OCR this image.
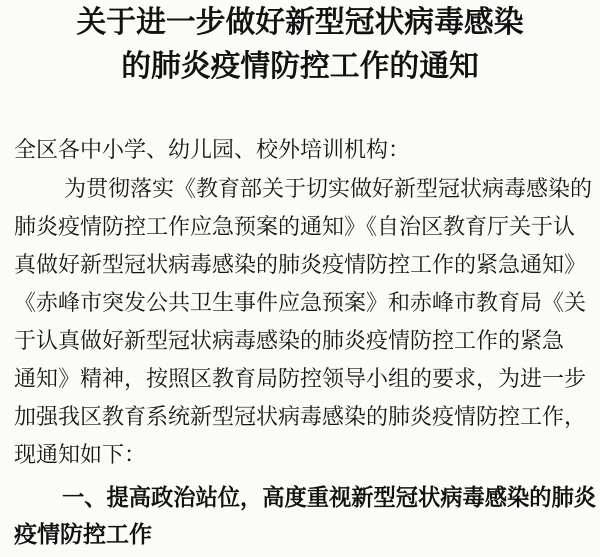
关于进一步做好新型冠状病毒感染
的肺炎疫情防控工作的通知
全区各中小学、幼儿园、校外培训机构：
为贯彻落实《教育部关于切实做好新型冠状病毒感染的
肺炎疫情防控工作应急预案的通知》《自治区教育厅关于认
真做好新型冠状病毒感染的肺炎疫情防控工作的紧急通知》
《赤峰市突发公共卫生事件应急预案》和赤峰市教育局《关
于认真做好新型冠状病毒感染的肺炎疫情防控工作的紧急
通知》精神，按照区教育局防控领导小组的要求，为进一步
加强我区教育系统新型冠状病毒感染的肺炎疫情防控工作，
现通知如下：
一、提高政治站位，高度重视新型冠状病毒感染的肺炎
疫情防控工作
